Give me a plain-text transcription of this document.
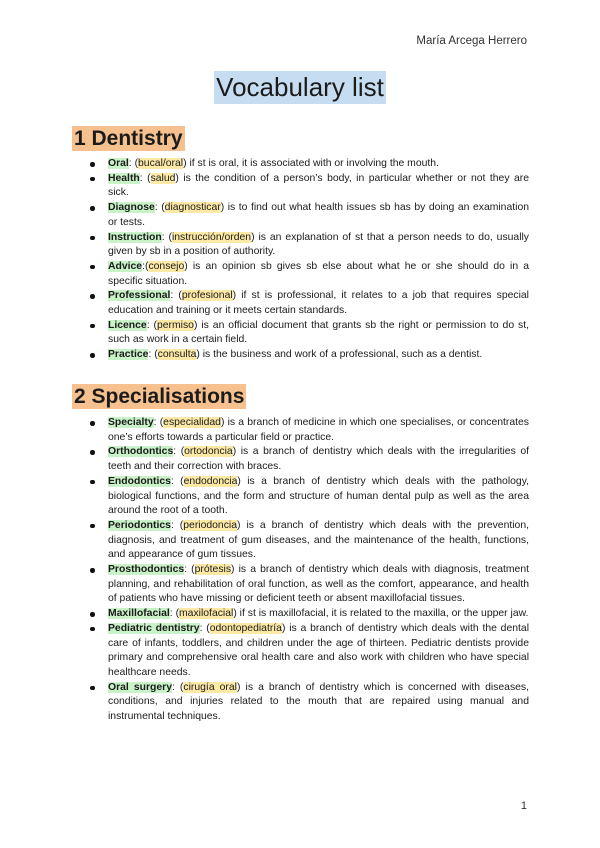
María Arcega Herrero
Vocabulary list
1 Dentistry
Oral: (bucal/oral) if st is oral, it is associated with or involving the mouth.
Health: (salud) is the condition of a person’s body, in particular whether or not they are sick.
Diagnose: (diagnosticar) is to find out what health issues sb has by doing an examination or tests.
Instruction: (instrucción/orden) is an explanation of st that a person needs to do, usually given by sb in a position of authority.
Advice:(consejo) is an opinion sb gives sb else about what he or she should do in a specific situation.
Professional: (profesional) if st is professional, it relates to a job that requires special education and training or it meets certain standards.
Licence: (permiso) is an official document that grants sb the right or permission to do st, such as work in a certain field.
Practice: (consulta) is the business and work of a professional, such as a dentist.
2 Specialisations
Specialty: (especialidad) is a branch of medicine in which one specialises, or concentrates one’s efforts towards a particular field or practice.
Orthodontics: (ortodoncia) is a branch of dentistry which deals with the irregularities of teeth and their correction with braces.
Endodontics: (endodoncia) is a branch of dentistry which deals with the pathology, biological functions, and the form and structure of human dental pulp as well as the area around the root of a tooth.
Periodontics: (periodoncia) is a branch of dentistry which deals with the prevention, diagnosis, and treatment of gum diseases, and the maintenance of the health, functions, and appearance of gum tissues.
Prosthodontics: (prótesis) is a branch of dentistry which deals with diagnosis, treatment planning, and rehabilitation of oral function, as well as the comfort, appearance, and health of patients who have missing or deficient teeth or absent maxillofacial tissues.
Maxillofacial: (maxilofacial) if st is maxillofacial, it is related to the maxilla, or the upper jaw.
Pediatric dentistry: (odontopediatría) is a branch of dentistry which deals with the dental care of infants, toddlers, and children under the age of thirteen. Pediatric dentists provide primary and comprehensive oral health care and also work with children who have special healthcare needs.
Oral surgery: (cirugía oral) is a branch of dentistry which is concerned with diseases, conditions, and injuries related to the mouth that are repaired using manual and instrumental techniques.
1
